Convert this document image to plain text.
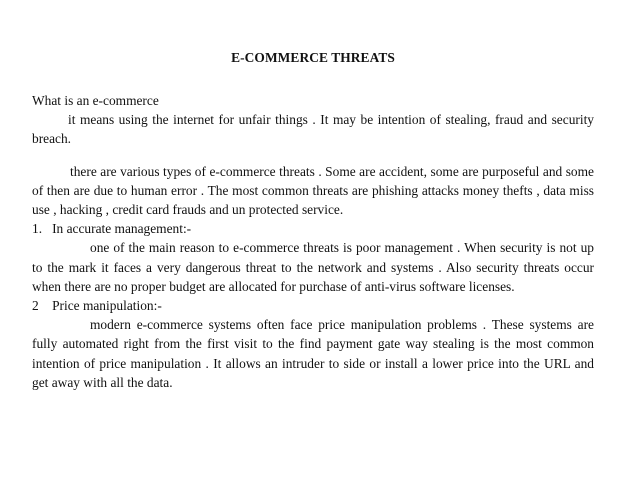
E-COMMERCE THREATS

What is an e-commerce

it means using the internet for unfair things . It may be intention of stealing, fraud and security breach.

there are various types of e-commerce threats . Some are accident, some are purposeful and some of then are due to human error . The most common threats are phishing attacks money thefts , data miss use , hacking , credit card frauds and un protected service.

1.   In accurate management:-

one of the main reason to e-commerce threats is poor management . When security is not up to the mark it faces a very dangerous threat to the network and systems . Also security threats occur when there are no proper budget are allocated for purchase of anti-virus software licenses.

2    Price manipulation:-

modern e-commerce systems often face price manipulation problems . These systems are fully automated right from the first visit to the find payment gate way stealing is the most common intention of price manipulation . It allows an intruder to side or install a lower price into the URL and get away with all the data.
